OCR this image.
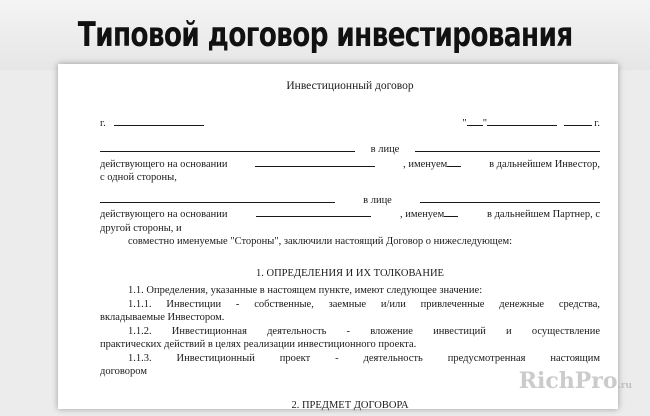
Типовой договор инвестирования
Инвестиционный договор
г.	" "	г.
в лице
действующего на основании	, именуем	в дальнейшем Инвестор,
с одной стороны,
в лице
действующего на основании	, именуем	в дальнейшем Партнер, с
другой стороны, и
совместно именуемые "Стороны", заключили настоящий Договор о нижеследующем:
1. ОПРЕДЕЛЕНИЯ И ИХ ТОЛКОВАНИЕ
1.1. Определения, указанные в настоящем пункте, имеют следующее значение:
1.1.1. Инвестиции - собственные, заемные и/или привлеченные денежные средства,
вкладываемые Инвестором.
1.1.2. Инвестиционная деятельность - вложение инвестиций и осуществление
практических действий в целях реализации инвестиционного проекта.
1.1.3. Инвестиционный проект - деятельность предусмотренная настоящим
договором
2. ПРЕДМЕТ ДОГОВОРА
RichPro.ru
